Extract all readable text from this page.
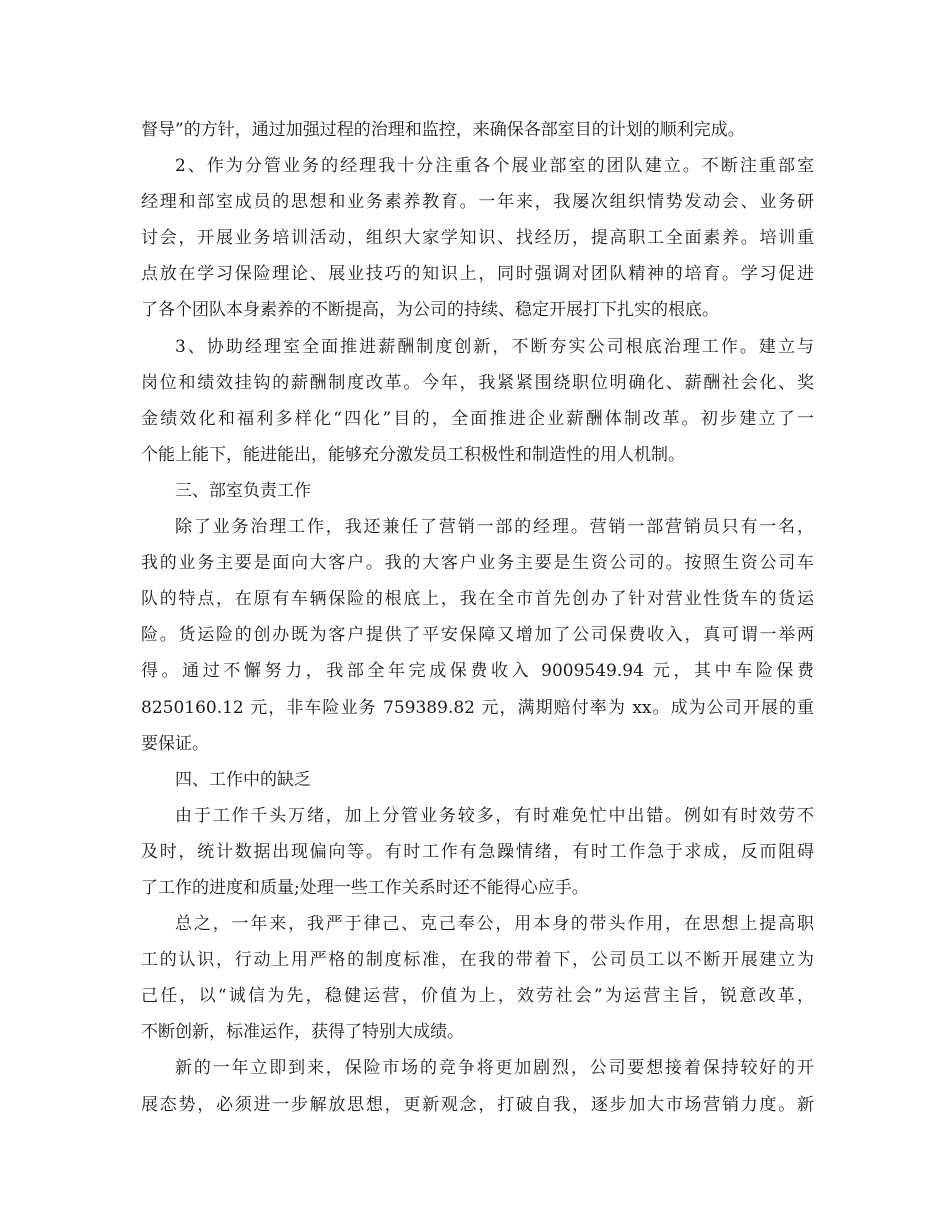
督导”的方针，通过加强过程的治理和监控，来确保各部室目的计划的顺利完成。
2、作为分管业务的经理我十分注重各个展业部室的团队建立。不断注重部室
经理和部室成员的思想和业务素养教育。一年来，我屡次组织情势发动会、业务研
讨会，开展业务培训活动，组织大家学知识、找经历，提高职工全面素养。培训重
点放在学习保险理论、展业技巧的知识上，同时强调对团队精神的培育。学习促进
了各个团队本身素养的不断提高，为公司的持续、稳定开展打下扎实的根底。
3、协助经理室全面推进薪酬制度创新，不断夯实公司根底治理工作。建立与
岗位和绩效挂钩的薪酬制度改革。今年，我紧紧围绕职位明确化、薪酬社会化、奖
金绩效化和福利多样化“四化”目的，全面推进企业薪酬体制改革。初步建立了一
个能上能下，能进能出，能够充分激发员工积极性和制造性的用人机制。
三、部室负责工作
除了业务治理工作，我还兼任了营销一部的经理。营销一部营销员只有一名，
我的业务主要是面向大客户。我的大客户业务主要是生资公司的。按照生资公司车
队的特点，在原有车辆保险的根底上，我在全市首先创办了针对营业性货车的货运
险。货运险的创办既为客户提供了平安保障又增加了公司保费收入，真可谓一举两
得。通过不懈努力，我部全年完成保费收入 9009549.94 元，其中车险保费
8250160.12 元，非车险业务 759389.82 元，满期赔付率为 xx。成为公司开展的重
要保证。
四、工作中的缺乏
由于工作千头万绪，加上分管业务较多，有时难免忙中出错。例如有时效劳不
及时，统计数据出现偏向等。有时工作有急躁情绪，有时工作急于求成，反而阻碍
了工作的进度和质量;处理一些工作关系时还不能得心应手。
总之，一年来，我严于律己、克己奉公，用本身的带头作用，在思想上提高职
工的认识，行动上用严格的制度标准，在我的带着下，公司员工以不断开展建立为
己任，以“诚信为先，稳健运营，价值为上，效劳社会”为运营主旨，锐意改革，
不断创新，标准运作，获得了特别大成绩。
新的一年立即到来，保险市场的竞争将更加剧烈，公司要想接着保持较好的开
展态势，必须进一步解放思想，更新观念，打破自我，逐步加大市场营销力度。新
